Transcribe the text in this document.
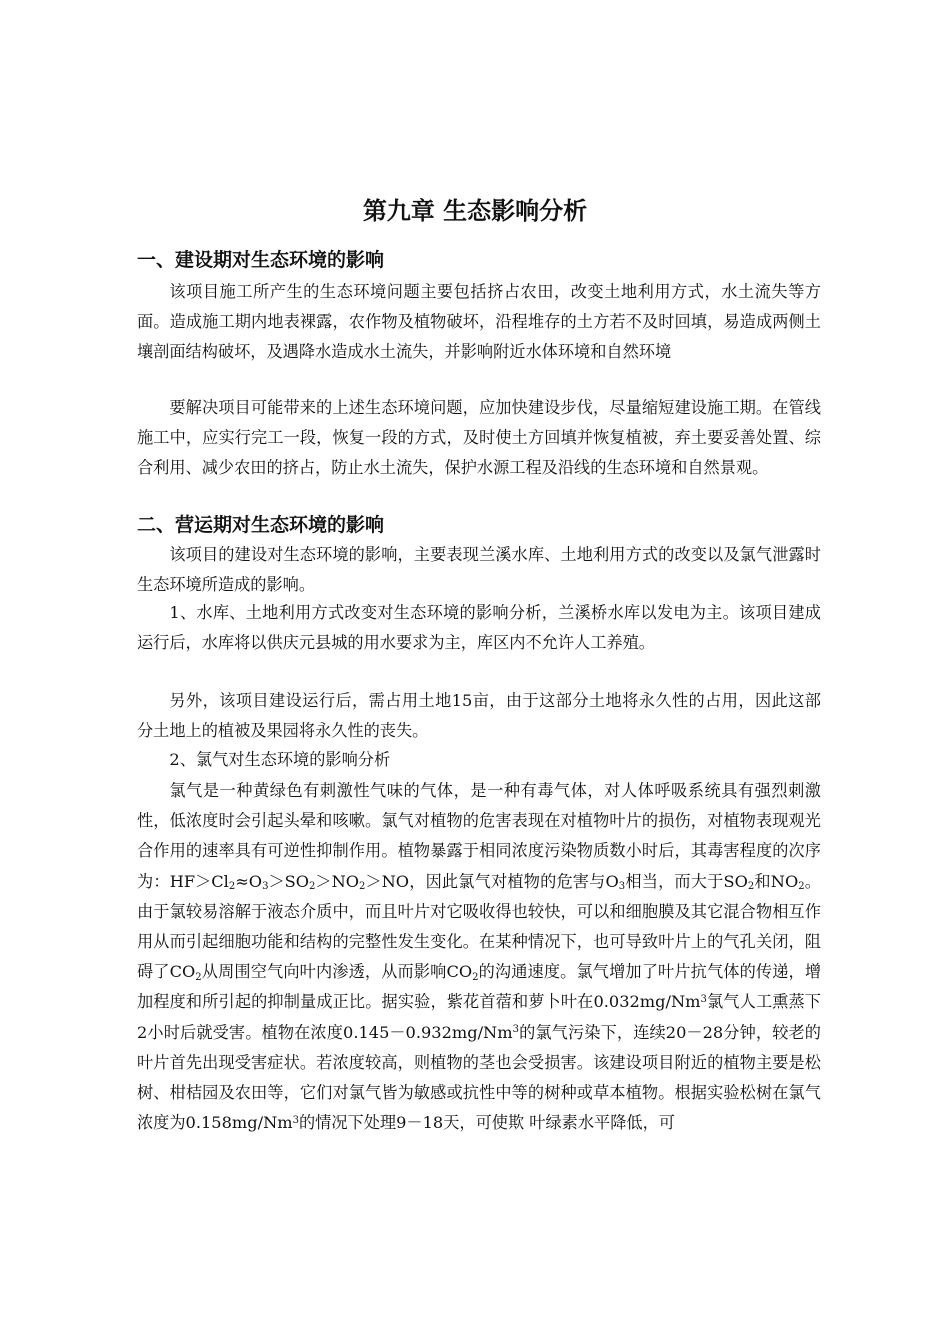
第九章 生态影响分析
一、建设期对生态环境的影响

该项目施工所产生的生态环境问题主要包括挤占农田，改变土地利用方式，水土流失等方面。造成施工期内地表裸露，农作物及植物破坏，沿程堆存的土方若不及时回填，易造成两侧土壤剖面结构破坏，及遇降水造成水土流失，并影响附近水体环境和自然环境

要解决项目可能带来的上述生态环境问题，应加快建设步伐，尽量缩短建设施工期。在管线施工中，应实行完工一段，恢复一段的方式，及时使土方回填并恢复植被，弃土要妥善处置、综合利用、减少农田的挤占，防止水土流失，保护水源工程及沿线的生态环境和自然景观。

二、营运期对生态环境的影响

该项目的建设对生态环境的影响，主要表现兰溪水库、土地利用方式的改变以及氯气泄露时生态环境所造成的影响。

1、水库、土地利用方式改变对生态环境的影响分析，兰溪桥水库以发电为主。该项目建成运行后，水库将以供庆元县城的用水要求为主，库区内不允许人工养殖。

另外，该项目建设运行后，需占用土地15亩，由于这部分土地将永久性的占用，因此这部分土地上的植被及果园将永久性的丧失。

2、氯气对生态环境的影响分析

氯气是一种黄绿色有刺激性气味的气体，是一种有毒气体，对人体呼吸系统具有强烈刺激性，低浓度时会引起头晕和咳嗽。氯气对植物的危害表现在对植物叶片的损伤，对植物表现观光合作用的速率具有可逆性抑制作用。植物暴露于相同浓度污染物质数小时后，其毒害程度的次序为：$HF>Cl_2\approx O_3>SO_2>NO_2>NO$，因此氯气对植物的危害与$O_3$相当，而大于$SO_2$和$NO_2$。由于氯较易溶解于液态介质中，而且叶片对它吸收得也较快，可以和细胞膜及其它混合物相互作用从而引起细胞功能和结构的完整性发生变化。在某种情况下，也可导致叶片上的气孔关闭，阻碍了$CO_2$从周围空气向叶内渗透，从而影响$CO_2$的沟通速度。氯气增加了叶片抗气体的传递，增加程度和所引起的抑制量成正比。据实验，紫花首蓿和萝卜叶在0.032mg/Nm$^3$氯气人工熏蒸下2小时后就受害。植物在浓度$0.145-0.932mg/Nm^3$的氯气污染下，连续20－28分钟，较老的叶片首先出现受害症状。若浓度较高，则植物的茎也会受损害。该建设项目附近的植物主要是松树、柑桔园及农田等，它们对氯气皆为敏感或抗性中等的树种或草本植物。根据实验松树在氯气浓度为0.158mg/Nm$^3$的情况下处理9－18天，可使欺 叶绿素水平降低，可
